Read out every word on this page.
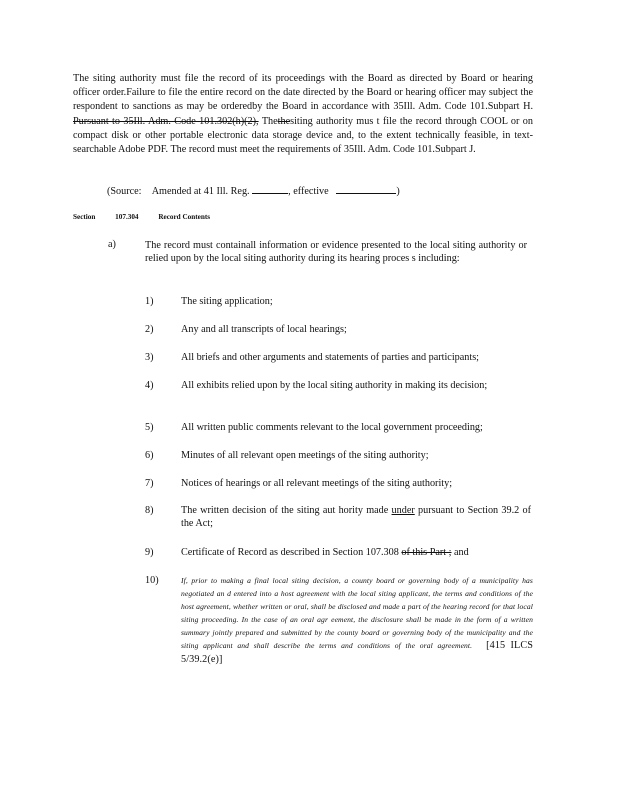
The siting authority must file the record of its proceedings with the Board as directed by Board or hearing officer order.Failure to file the entire record on the date directed by the Board or hearing officer may subject the respondent to sanctions as may be orderedby the Board in accordance with 35Ill. Adm. Code 101.Subpart H. Pursuant to 35Ill. Adm. Code 101.302(h)(2), Thethesiting authority mus t file the record through COOL or on compact disk or other portable electronic data storage device and, to the extent technically feasible, in text-searchable Adobe PDF. The record must meet the requirements of 35Ill. Adm. Code 101.Subpart J.
(Source: Amended at 41 Ill. Reg.	, effective	)
Section	107.304	Record Contents
a)	The record must containall information or evidence presented to the local siting authority or relied upon by the local siting authority during its hearing proces s including:
1)	The siting application;
2)	Any and all transcripts of local hearings;
3)	All briefs and other arguments and statements of parties and participants;
4)	All exhibits relied upon by the local siting authority in making its decision;
5)	All written public comments relevant to the local government proceeding;
6)	Minutes of all relevant open meetings of the siting authority;
7)	Notices of hearings or all relevant meetings of the siting authority;
8)	The written decision of the siting aut hority made under pursuant to Section 39.2 of the Act;
9)	Certificate of Record as described in Section 107.308 of this Part ; and
10)	If, prior to making a final local siting decision, a county board or governing body of a municipality has negotiated an d entered into a host agreement with the local siting applicant, the terms and conditions of the host agreement, whether written or oral, shall be disclosed and made a part of the hearing record for that local siting proceeding. In the case of an oral agr eement, the disclosure shall be made in the form of a written summary jointly prepared and submitted by the county board or governing body of the municipality and the siting applicant and shall describe the terms and conditions of the oral agreement. [415 ILCS 5/39.2(e)]
